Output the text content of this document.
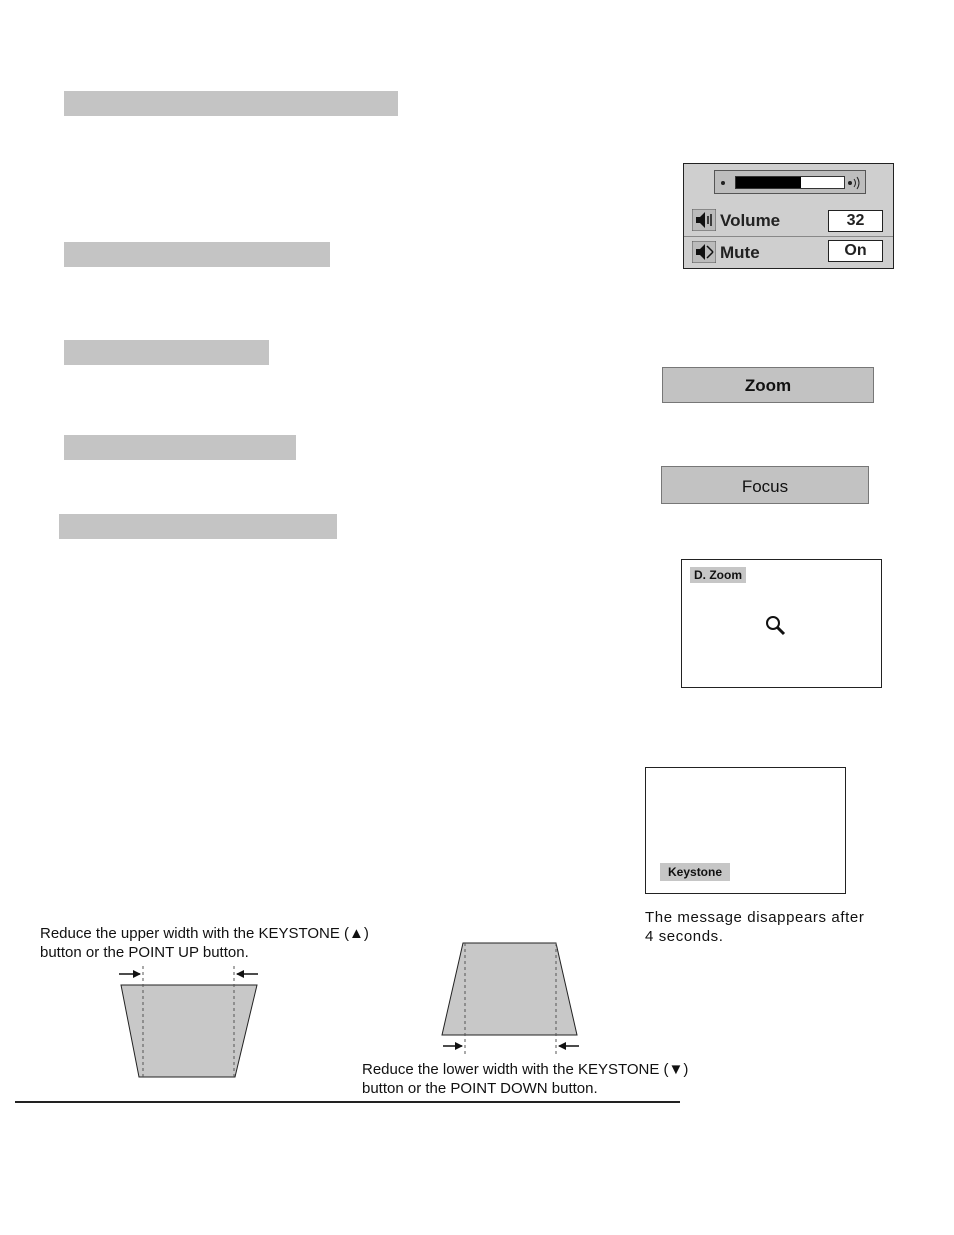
Volume	32
Mute	On
Zoom
Focus
D. Zoom
Keystone
The message disappears after 4 seconds.
Reduce the upper width with the KEYSTONE (▲) button or the POINT UP button.
Reduce the lower width with the KEYSTONE (▼) button or the POINT DOWN button.
